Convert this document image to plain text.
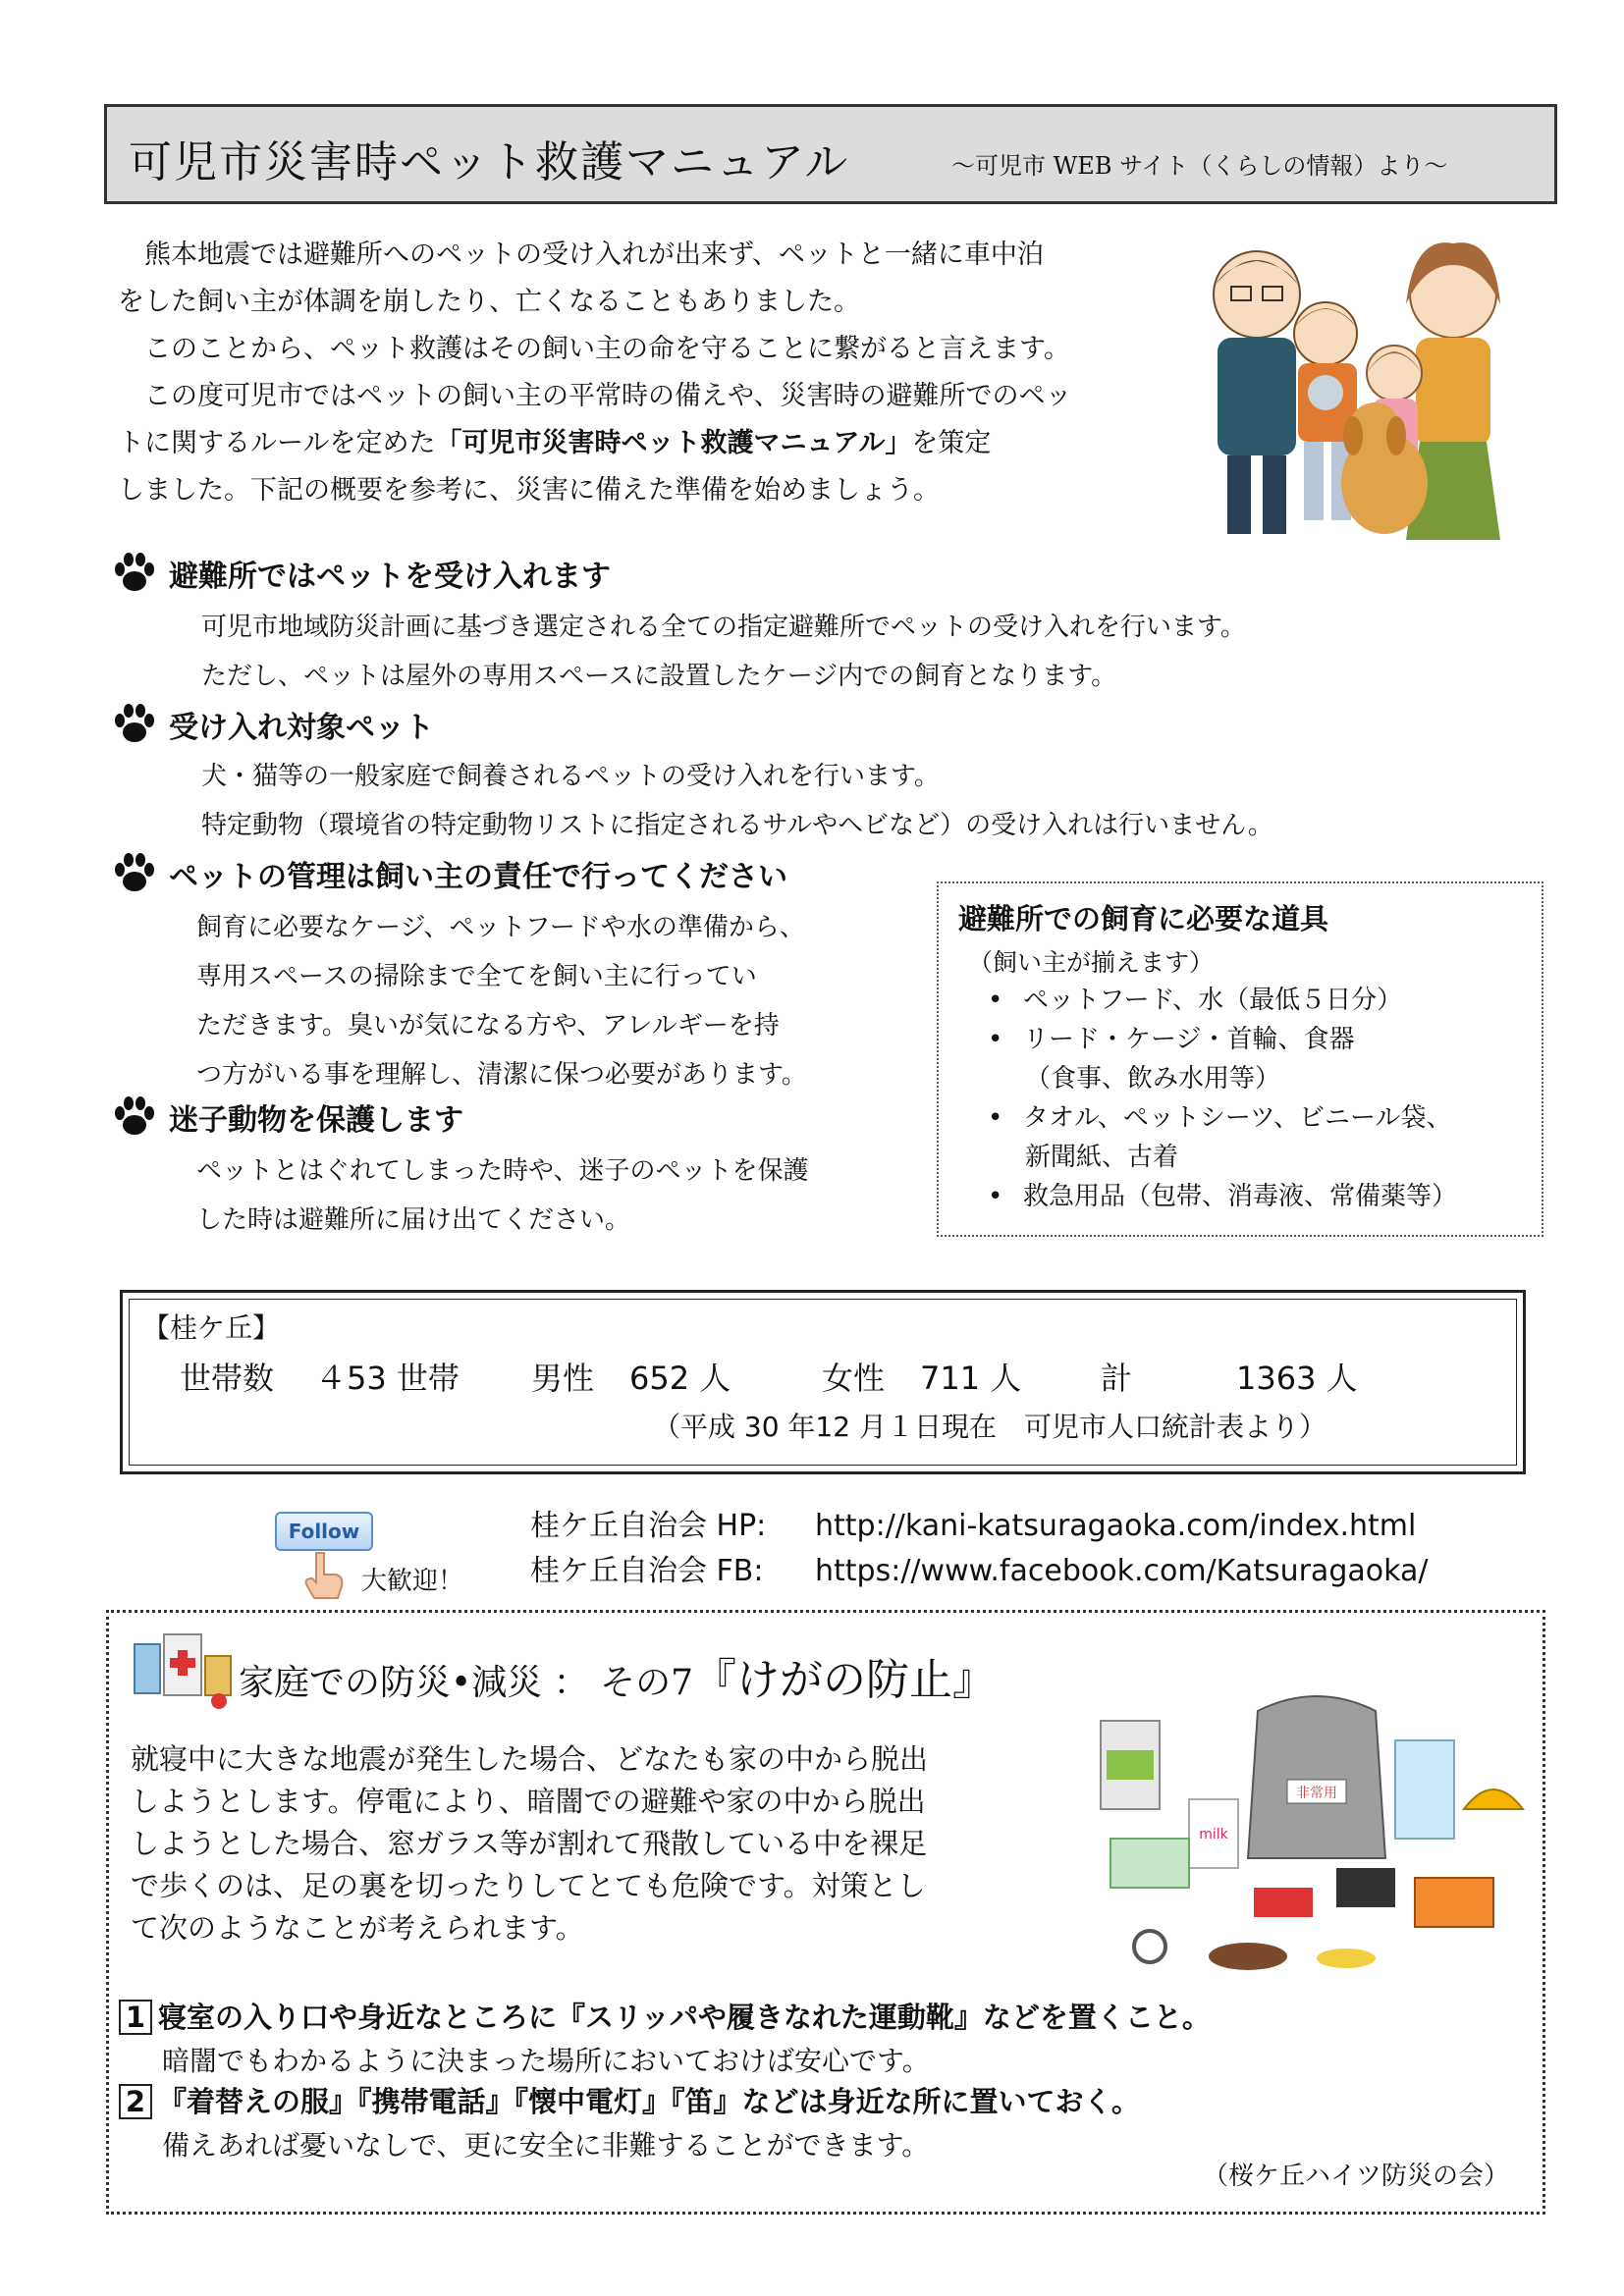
可児市災害時ペット救護マニュアル	～可児市 WEB サイト（くらしの情報）より～

　熊本地震では避難所へのペットの受け入れが出来ず、ペットと一緒に車中泊

をした飼い主が体調を崩したり、亡くなることもありました。

　このことから、ペット救護はその飼い主の命を守ることに繋がると言えます。

　この度可児市ではペットの飼い主の平常時の備えや、災害時の避難所でのペッ

トに関するルールを定めた「可児市災害時ペット救護マニュアル」を策定

しました。下記の概要を参考に、災害に備えた準備を始めましょう。

避難所ではペットを受け入れます
可児市地域防災計画に基づき選定される全ての指定避難所でペットの受け入れを行います。
ただし、ペットは屋外の専用スペースに設置したケージ内での飼育となります。
受け入れ対象ペット
犬・猫等の一般家庭で飼養されるペットの受け入れを行います。
特定動物（環境省の特定動物リストに指定されるサルやヘビなど）の受け入れは行いません。
ペットの管理は飼い主の責任で行ってください
飼育に必要なケージ、ペットフードや水の準備から、
専用スペースの掃除まで全てを飼い主に行ってい
ただきます。臭いが気になる方や、アレルギーを持
つ方がいる事を理解し、清潔に保つ必要があります。
迷子動物を保護します
ペットとはぐれてしまった時や、迷子のペットを保護
した時は避難所に届け出てください。
避難所での飼育に必要な道具
（飼い主が揃えます）
• ペットフード、水（最低５日分）
• リード・ケージ・首輪、食器
（食事、飲み水用等）
• タオル、ペットシーツ、ビニール袋、
新聞紙、古着
• 救急用品（包帯、消毒液、常備薬等）
【桂ケ丘】
世帯数 ４53 世帯 男性 652 人	女性 711 人	計	1363 人
（平成 30 年12 月１日現在　可児市人口統計表より）
Follow
大歓迎！
桂ケ丘自治会 HP: http://kani-katsuragaoka.com/index.html
桂ケ丘自治会 FB: https://www.facebook.com/Katsuragaoka/
家庭での防災•減災 ： その7『けがの防止』

就寝中に大きな地震が発生した場合、どなたも家の中から脱出

しようとします。停電により、暗闇での避難や家の中から脱出

しようとした場合、窓ガラス等が割れて飛散している中を裸足

で歩くのは、足の裏を切ったりしてとても危険です。対策とし

て次のようなことが考えられます。

非常用
milk
1 寝室の入り口や身近なところに『スリッパや履きなれた運動靴』などを置くこと。
暗闇でもわかるように決まった場所においておけば安心です。
2 『着替えの服』『携帯電話』『懐中電灯』『笛』などは身近な所に置いておく。
備えあれば憂いなしで、更に安全に非難することができます。
（桜ケ丘ハイツ防災の会）
